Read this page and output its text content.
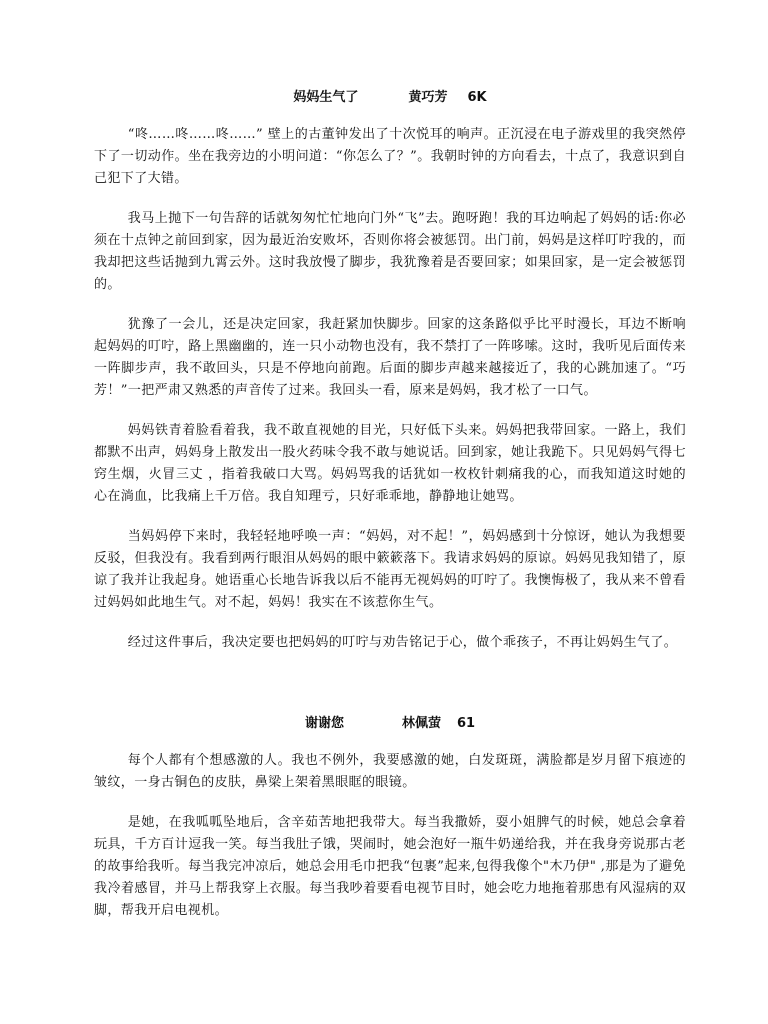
妈妈生气了	黄巧芳 6K

“咚……咚……咚……” 壁上的古董钟发出了十次悦耳的响声。正沉浸在电子游戏里的我突然停下了一切动作。坐在我旁边的小明问道：“你怎么了？”。我朝时钟的方向看去，十点了，我意识到自己犯下了大错。

我马上抛下一句告辞的话就匆匆忙忙地向门外“飞”去。跑呀跑！我的耳边响起了妈妈的话:你必须在十点钟之前回到家，因为最近治安败坏，否则你将会被惩罚。出门前，妈妈是这样叮咛我的，而我却把这些话抛到九霄云外。这时我放慢了脚步，我犹豫着是否要回家；如果回家，是一定会被惩罚的。

犹豫了一会儿，还是决定回家，我赶紧加快脚步。回家的这条路似乎比平时漫长，耳边不断响起妈妈的叮咛，路上黑幽幽的，连一只小动物也没有，我不禁打了一阵哆嗦。这时，我听见后面传来一阵脚步声，我不敢回头，只是不停地向前跑。后面的脚步声越来越接近了，我的心跳加速了。“巧芳！”一把严肃又熟悉的声音传了过来。我回头一看，原来是妈妈，我才松了一口气。

妈妈铁青着脸看着我，我不敢直视她的目光，只好低下头来。妈妈把我带回家。一路上，我们都默不出声，妈妈身上散发出一股火药味令我不敢与她说话。回到家，她让我跪下。只见妈妈气得七窍生烟，火冒三丈 ，指着我破口大骂。妈妈骂我的话犹如一枚枚针刺痛我的心，而我知道这时她的心在淌血，比我痛上千万倍。我自知理亏，只好乖乖地，静静地让她骂。

当妈妈停下来时，我轻轻地呼唤一声：“妈妈，对不起！”，妈妈感到十分惊讶，她认为我想要反驳，但我没有。我看到两行眼泪从妈妈的眼中簌簌落下。我请求妈妈的原谅。妈妈见我知错了，原谅了我并让我起身。她语重心长地告诉我以后不能再无视妈妈的叮咛了。我懊悔极了，我从来不曾看过妈妈如此地生气。对不起，妈妈！我实在不该惹你生气。

经过这件事后，我决定要也把妈妈的叮咛与劝告铭记于心，做个乖孩子，不再让妈妈生气了。

谢谢您	林佩萤 61

每个人都有个想感激的人。我也不例外，我要感激的她，白发斑斑，满脸都是岁月留下痕迹的皱纹，一身古铜色的皮肤，鼻梁上架着黑眼眶的眼镜。

是她，在我呱呱坠地后，含辛茹苦地把我带大。每当我撒娇，耍小姐脾气的时候，她总会拿着玩具，千方百计逗我一笑。每当我肚子饿，哭闹时，她会泡好一瓶牛奶递给我，并在我身旁说那古老的故事给我听。每当我完冲凉后，她总会用毛巾把我“包裹”起来,包得我像个"木乃伊" ,那是为了避免我冷着感冒，并马上帮我穿上衣服。每当我吵着要看电视节目时，她会吃力地拖着那患有风湿病的双脚，帮我开启电视机。
